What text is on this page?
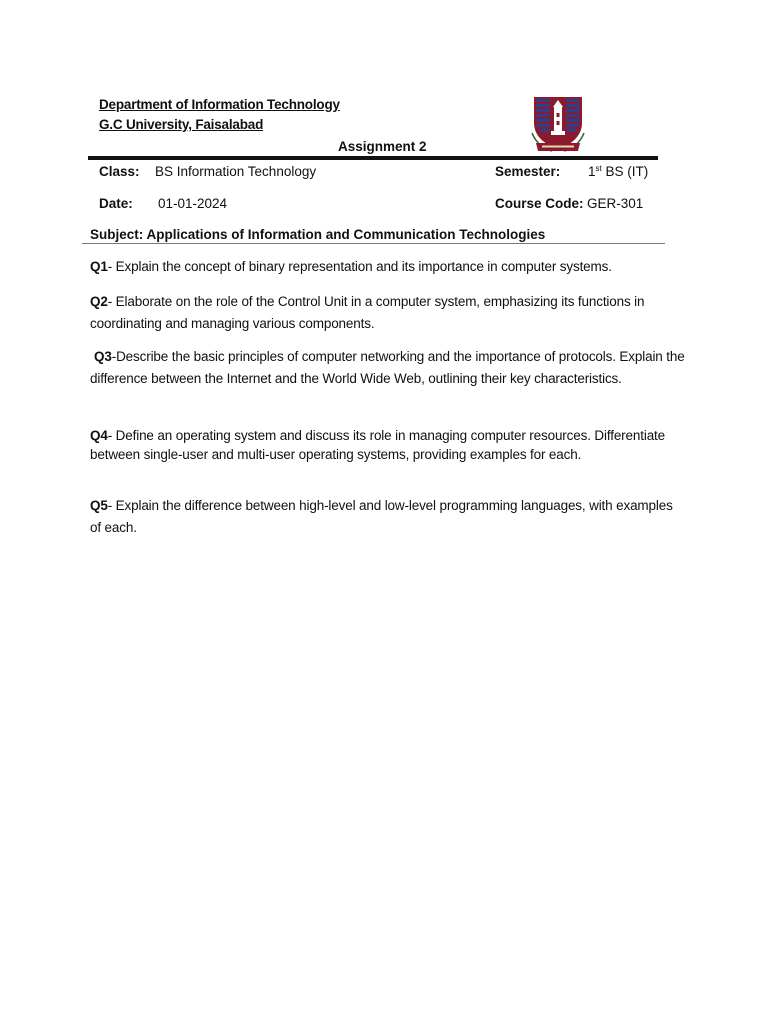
Department of Information Technology
G.C University, Faisalabad
Assignment 2
Class: BS Information Technology	Semester: 1st BS (IT)
Date: 01-01-2024	Course Code: GER-301
Subject: Applications of Information and Communication Technologies
Q1- Explain the concept of binary representation and its importance in computer systems.
Q2- Elaborate on the role of the Control Unit in a computer system, emphasizing its functions in coordinating and managing various components.
Q3-Describe the basic principles of computer networking and the importance of protocols. Explain the difference between the Internet and the World Wide Web, outlining their key characteristics.
Q4- Define an operating system and discuss its role in managing computer resources. Differentiate between single-user and multi-user operating systems, providing examples for each.
Q5- Explain the difference between high-level and low-level programming languages, with examples of each.
